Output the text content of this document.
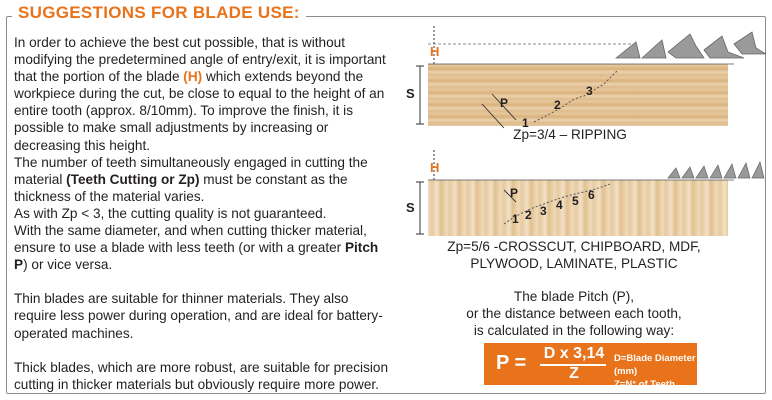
SUGGESTIONS FOR BLADE USE:

In order to achieve the best cut possible, that is without modifying the predetermined angle of entry/exit, it is important that the portion of the blade (H) which extends beyond the workpiece during the cut, be close to equal to the height of an entire tooth (approx. 8/10mm). To improve the finish, it is possible to make small adjustments by increasing or decreasing this height.

The number of teeth simultaneously engaged in cutting the material (Teeth Cutting or Zp) must be constant as the thickness of the material varies.

As with Zp < 3, the cutting quality is not guaranteed.

With the same diameter, and when cutting thicker material, ensure to use a blade with less teeth (or with a greater Pitch P) or vice versa.

Thin blades are suitable for thinner materials. They also require less power during operation, and are ideal for battery-operated machines.

Thick blades, which are more robust, are suitable for precision cutting in thicker materials but obviously require more power.

H
S
P
1
2
3
Zp=3/4 – RIPPING
H
S
P
1 2 3 4 5 6
Zp=5/6 -CROSSCUT, CHIPBOARD, MDF,
PLYWOOD, LAMINATE, PLASTIC
The blade Pitch (P),
or the distance between each tooth,
is calculated in the following way:
P = D x 3,14
Z
D=Blade Diameter (mm)
Z=N° of Teeth
